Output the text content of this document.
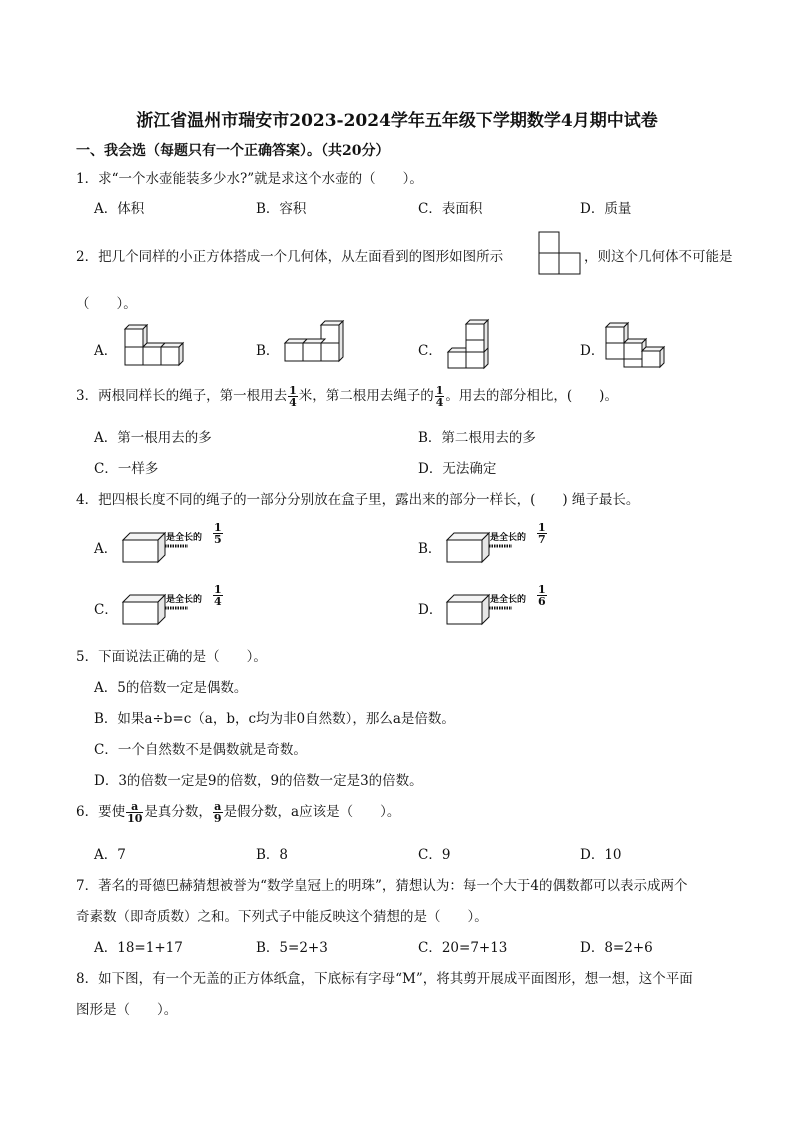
浙江省温州市瑞安市2023-2024学年五年级下学期数学4月期中试卷
一、我会选（每题只有一个正确答案）。（共20分）
1．求“一个水壶能装多少水?”就是求这个水壶的（　　）。
A．体积	B．容积	C．表面积	D．质量
2．把几个同样的小正方体搭成一个几何体，从左面看到的图形如图所示	，则这个几何体不可能是
（　　）。
A．	B．	C．	D．
3．两根同样长的绳子，第一根用去 $\frac{1}{4}$ 米，第二根用去绳子的 $\frac{1}{4}$ 。用去的部分相比，(　　)。
A．第一根用去的多	B．第二根用去的多
C．一样多	D．无法确定
4．把四根长度不同的绳子的一部分分别放在盒子里，露出来的部分一样长，(　　) 绳子最长。
A．	B．
C．	D．
是全长的 $\frac{1}{5}$	是全长的 $\frac{1}{7}$
是全长的 $\frac{1}{4}$	是全长的 $\frac{1}{6}$
5．下面说法正确的是（　　）。
A．5的倍数一定是偶数。
B．如果a÷b=c（a，b，c均为非0自然数），那么a是倍数。
C．一个自然数不是偶数就是奇数。
D．3的倍数一定是9的倍数，9的倍数一定是3的倍数。
6．要使 $\frac{a}{10}$ 是真分数， $\frac{a}{9}$ 是假分数，a应该是（　　）。
A．7	B．8	C．9	D．10
7．著名的哥德巴赫猜想被誉为“数学皇冠上的明珠”，猜想认为：每一个大于4的偶数都可以表示成两个
奇素数（即奇质数）之和。下列式子中能反映这个猜想的是（　　）。
A．18=1+17	B．5=2+3	C．20=7+13	D．8=2+6
8．如下图，有一个无盖的正方体纸盒，下底标有字母“M”，将其剪开展成平面图形，想一想，这个平面
图形是（　　）。
